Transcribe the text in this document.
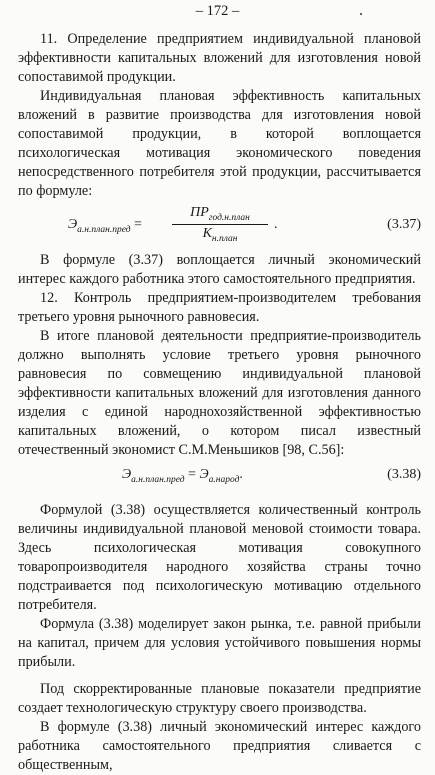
– 172 –

11. Определение предприятием индивидуальной плановой эффективности капитальных вложений для изготовления новой сопоставимой продукции.

Индивидуальная плановая эффективность капитальных вложений в развитие производства для изготовления новой сопоставимой продукции, в которой воплощается психологическая мотивация экономического поведения непосредственного потребителя этой продукции, рассчитывается по формуле:

$Э_{а.н.план.пред}$ =
$ПР_{год.н.план}$
$К_{н.план}$
.	(3.37)

В формуле (3.37) воплощается личный экономический интерес каждого работника этого самостоятельного предприятия.

12. Контроль предприятием-производителем требования третьего уровня рыночного равновесия.

В итоге плановой деятельности предприятие-производитель должно выполнять условие третьего уровня рыночного равновесия по совмещению индивидуальной плановой эффективности капитальных вложений для изготовления данного изделия с единой народнохозяйственной эффективностью капитальных вложений, о котором писал известный отечественный экономист С.М.Меньшиков [98, С.56]:

$Э_{а.н.план.пред} = Э_{а.народ}$.	(3.38)

Формулой (3.38) осуществляется количественный контроль величины индивидуальной плановой меновой стоимости товара. Здесь психологическая мотивация совокупного товаропроизводителя народного хозяйства страны точно подстраивается под психологическую мотивацию отдельного потребителя.

Формула (3.38) моделирует закон рынка, т.е. равной прибыли на капитал, причем для условия устойчивого повышения нормы прибыли.

Под скорректированные плановые показатели предприятие создает технологическую структуру своего производства.

В формуле (3.38) личный экономический интерес каждого работника самостоятельного предприятия сливается с общественным,
